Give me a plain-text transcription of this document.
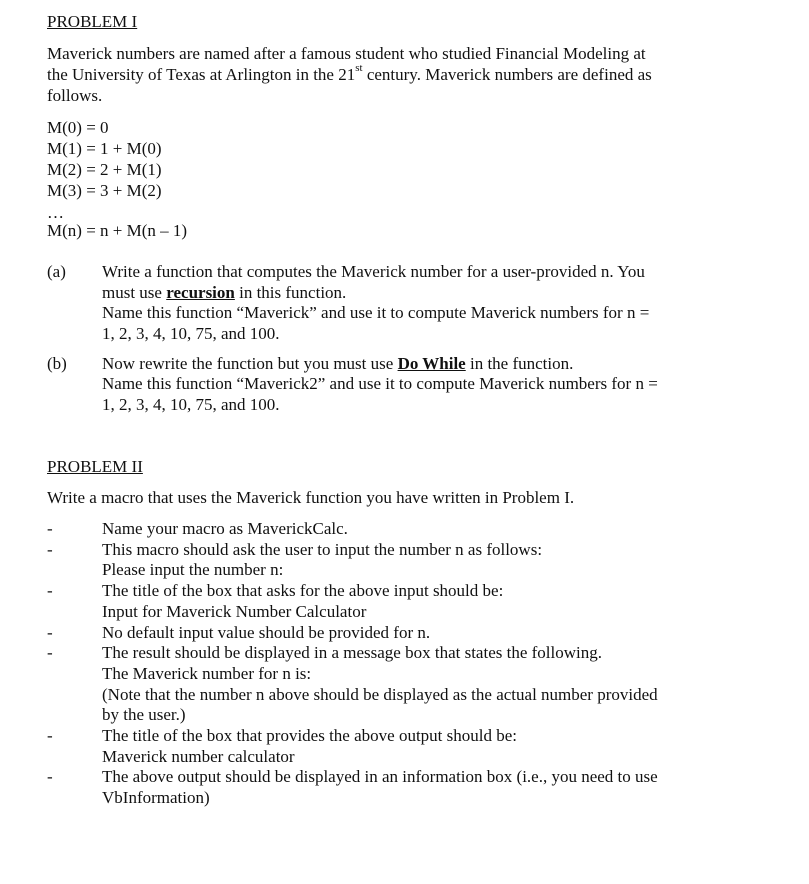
PROBLEM I
Maverick numbers are named after a famous student who studied Financial Modeling at
the University of Texas at Arlington in the 21st century. Maverick numbers are defined as
follows.
M(0) = 0
M(1) = 1 + M(0)
M(2) = 2 + M(1)
M(3) = 3 + M(2)
…
M(n) = n + M(n – 1)
(a) Write a function that computes the Maverick number for a user-provided n. You
must use recursion in this function.
Name this function “Maverick” and use it to compute Maverick numbers for n =
1, 2, 3, 4, 10, 75, and 100.
(b) Now rewrite the function but you must use Do While in the function.
Name this function “Maverick2” and use it to compute Maverick numbers for n =
1, 2, 3, 4, 10, 75, and 100.
PROBLEM II
Write a macro that uses the Maverick function you have written in Problem I.
-
-
-
-
-
-
-
Name your macro as MaverickCalc.
This macro should ask the user to input the number n as follows:
Please input the number n:
The title of the box that asks for the above input should be:
Input for Maverick Number Calculator
No default input value should be provided for n.
The result should be displayed in a message box that states the following.
The Maverick number for n is:
(Note that the number n above should be displayed as the actual number provided
by the user.)
The title of the box that provides the above output should be:
Maverick number calculator
The above output should be displayed in an information box (i.e., you need to use
VbInformation)
